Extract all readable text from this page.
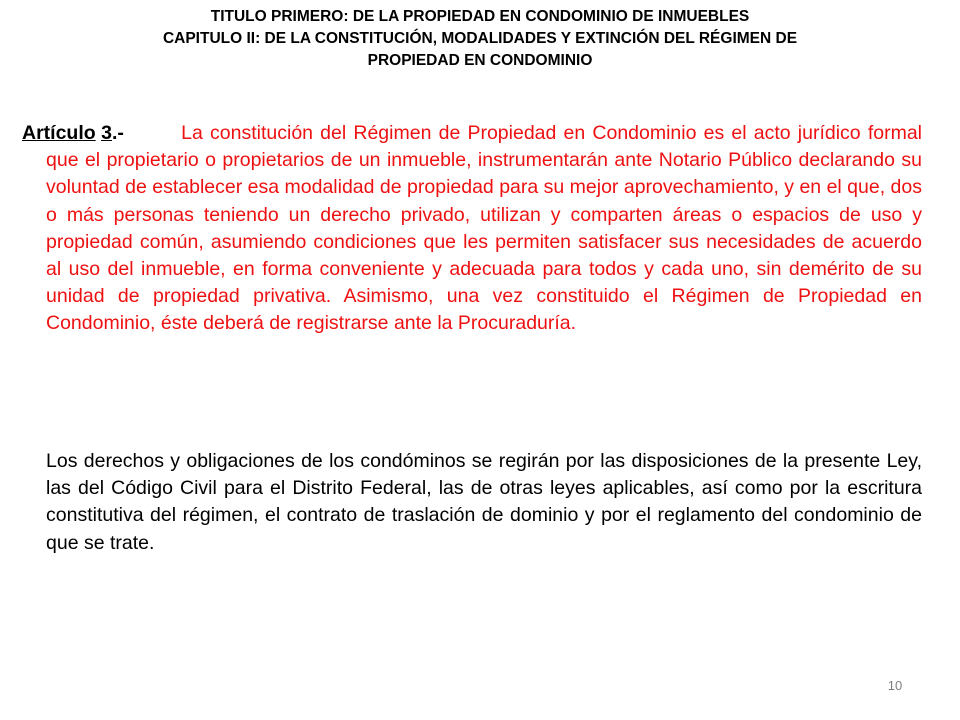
TITULO PRIMERO: DE LA PROPIEDAD EN CONDOMINIO DE INMUEBLES
CAPITULO II: DE LA CONSTITUCIÓN, MODALIDADES Y EXTINCIÓN DEL RÉGIMEN DE
PROPIEDAD EN CONDOMINIO
Artículo 3.-	La constitución del Régimen de Propiedad en Condominio es el acto jurídico formal que el propietario o propietarios de un inmueble, instrumentarán ante Notario Público declarando su voluntad de establecer esa modalidad de propiedad para su mejor aprovechamiento, y en el que, dos o más personas teniendo un derecho privado, utilizan y comparten áreas o espacios de uso y propiedad común, asumiendo condiciones que les permiten satisfacer sus necesidades de acuerdo al uso del inmueble, en forma conveniente y adecuada para todos y cada uno, sin demérito de su unidad de propiedad privativa. Asimismo, una vez constituido el Régimen de Propiedad en Condominio, éste deberá de registrarse ante la Procuraduría.
Los derechos y obligaciones de los condóminos se regirán por las disposiciones de la presente Ley, las del Código Civil para el Distrito Federal, las de otras leyes aplicables, así como por la escritura constitutiva del régimen, el contrato de traslación de dominio y por el reglamento del condominio de que se trate.
10
